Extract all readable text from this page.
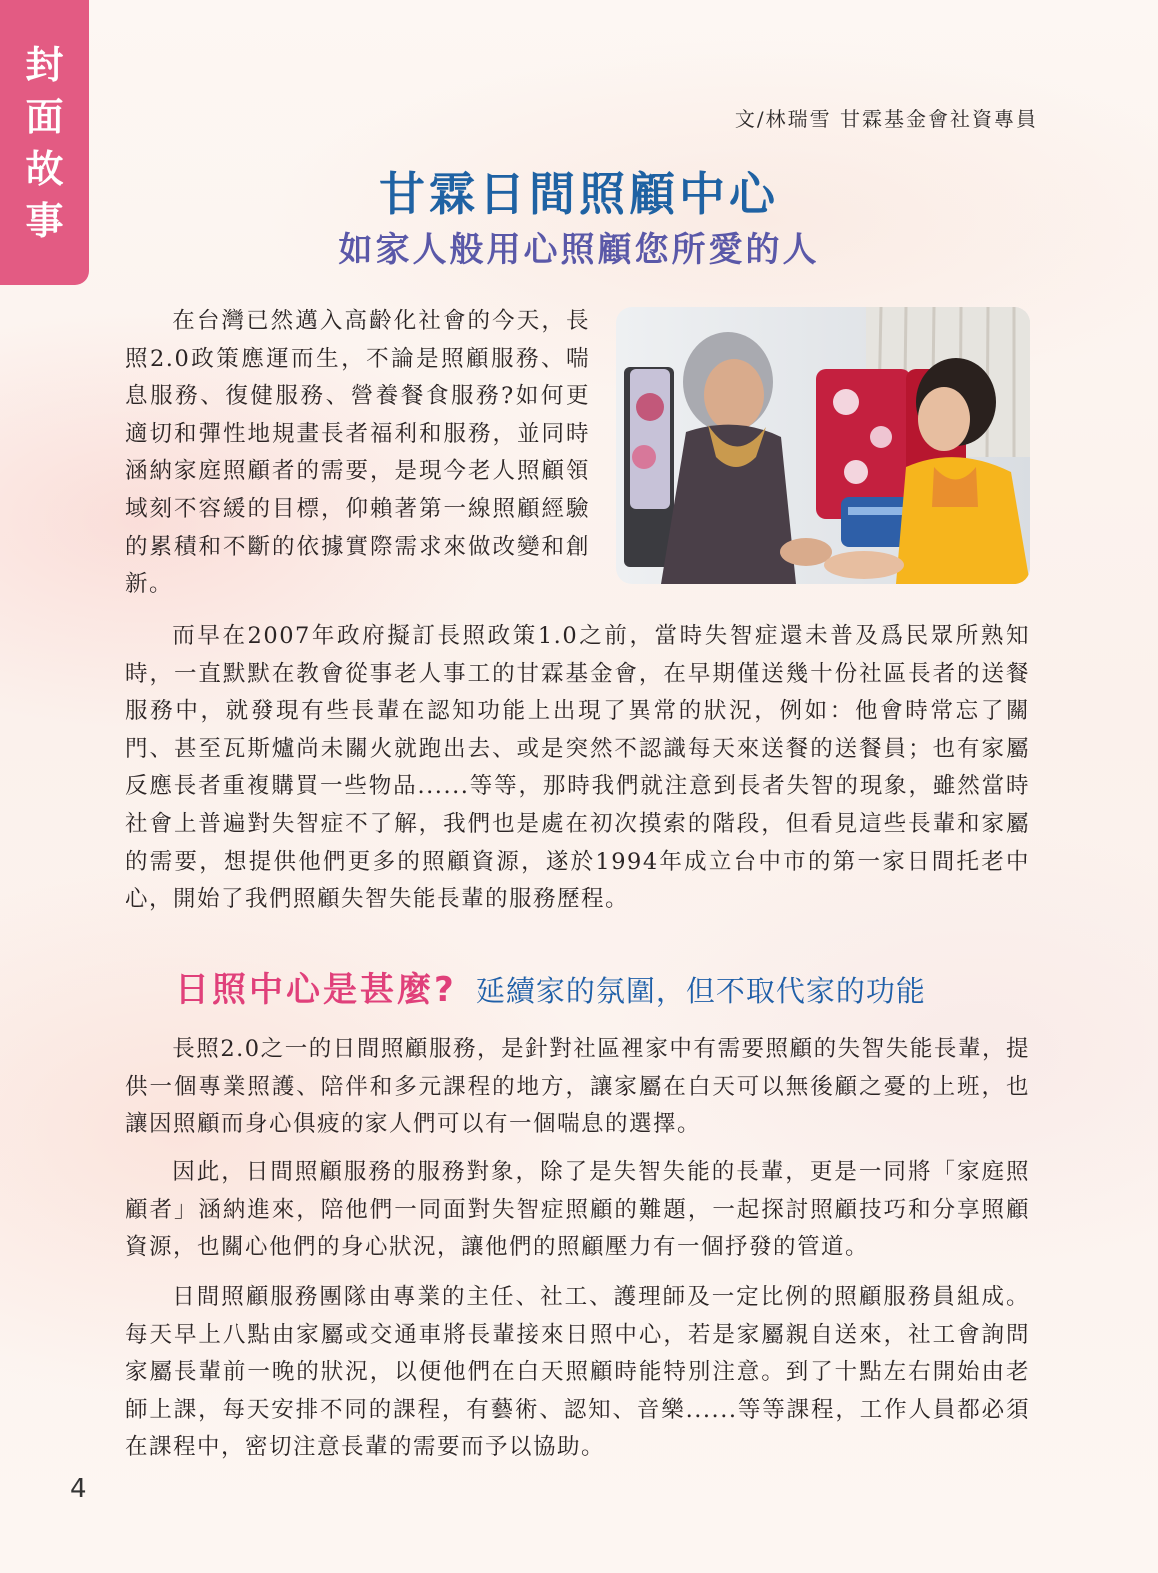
封
面
故
事
文/林瑞雪 甘霖基金會社資專員
甘霖日間照顧中心
如家人般用心照顧您所愛的人

在台灣已然邁入高齡化社會的今天，長照2.0政策應運而生，不論是照顧服務、喘息服務、復健服務、營養餐食服務?如何更適切和彈性地規畫長者福利和服務，並同時涵納家庭照顧者的需要，是現今老人照顧領域刻不容緩的目標，仰賴著第一線照顧經驗的累積和不斷的依據實際需求來做改變和創新。

而早在2007年政府擬訂長照政策1.0之前，當時失智症還未普及爲民眾所熟知時，一直默默在教會從事老人事工的甘霖基金會，在早期僅送幾十份社區長者的送餐服務中，就發現有些長輩在認知功能上出現了異常的狀況，例如：他會時常忘了關門、甚至瓦斯爐尚未關火就跑出去、或是突然不認識每天來送餐的送餐員；也有家屬反應長者重複購買一些物品......等等，那時我們就注意到長者失智的現象，雖然當時社會上普遍對失智症不了解，我們也是處在初次摸索的階段，但看見這些長輩和家屬的需要，想提供他們更多的照顧資源，遂於1994年成立台中市的第一家日間托老中心，開始了我們照顧失智失能長輩的服務歷程。

日照中心是甚麼? 延續家的氛圍，但不取代家的功能

長照2.0之一的日間照顧服務，是針對社區裡家中有需要照顧的失智失能長輩，提供一個專業照護、陪伴和多元課程的地方，讓家屬在白天可以無後顧之憂的上班，也讓因照顧而身心俱疲的家人們可以有一個喘息的選擇。

因此，日間照顧服務的服務對象，除了是失智失能的長輩，更是一同將「家庭照顧者」涵納進來，陪他們一同面對失智症照顧的難題，一起探討照顧技巧和分享照顧資源，也關心他們的身心狀況，讓他們的照顧壓力有一個抒發的管道。

日間照顧服務團隊由專業的主任、社工、護理師及一定比例的照顧服務員組成。每天早上八點由家屬或交通車將長輩接來日照中心，若是家屬親自送來，社工會詢問家屬長輩前一晚的狀況，以便他們在白天照顧時能特別注意。到了十點左右開始由老師上課，每天安排不同的課程，有藝術、認知、音樂......等等課程，工作人員都必須在課程中，密切注意長輩的需要而予以協助。

4
